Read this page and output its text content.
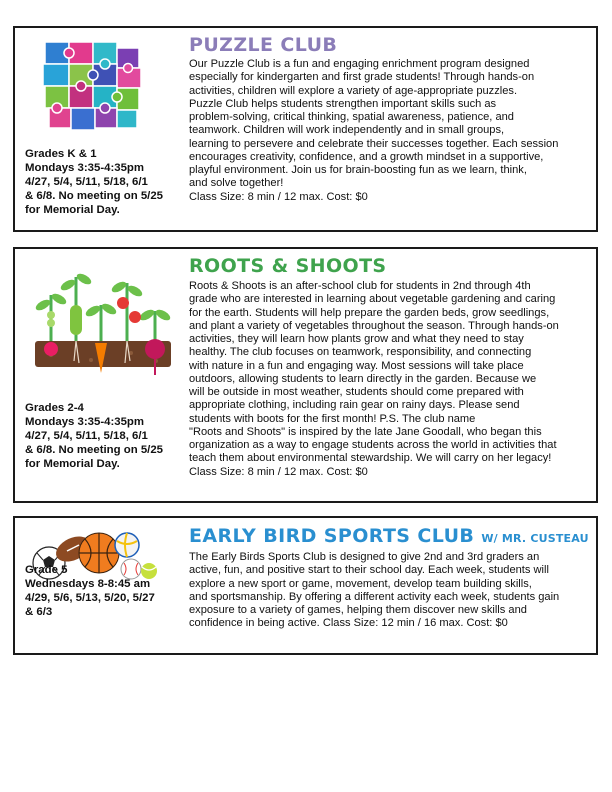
PUZZLE CLUB
Grades K & 1
Mondays 3:35-4:35pm
4/27, 5/4, 5/11, 5/18, 6/1
& 6/8. No meeting on 5/25
for Memorial Day.

Our Puzzle Club is a fun and engaging enrichment program designed

especially for kindergarten and first grade students! Through hands-on

activities, children will explore a variety of age-appropriate puzzles.

Puzzle Club helps students strengthen important skills such as

problem-solving, critical thinking, spatial awareness, patience, and

teamwork. Children will work independently and in small groups,

learning to persevere and celebrate their successes together. Each session

encourages creativity, confidence, and a growth mindset in a supportive,

playful environment. Join us for brain-boosting fun as we learn, think,

and solve together!

Class Size: 8 min / 12 max. Cost: $0

ROOTS & SHOOTS
Grades 2-4
Mondays 3:35-4:35pm
4/27, 5/4, 5/11, 5/18, 6/1
& 6/8. No meeting on 5/25
for Memorial Day.

Roots & Shoots is an after-school club for students in 2nd through 4th

grade who are interested in learning about vegetable gardening and caring

for the earth. Students will help prepare the garden beds, grow seedlings,

and plant a variety of vegetables throughout the season. Through hands-on

activities, they will learn how plants grow and what they need to stay

healthy. The club focuses on teamwork, responsibility, and connecting

with nature in a fun and engaging way. Most sessions will take place

outdoors, allowing students to learn directly in the garden. Because we

will be outside in most weather, students should come prepared with

appropriate clothing, including rain gear on rainy days. Please send

students with boots for the first month! P.S. The club name

"Roots and Shoots" is inspired by the late Jane Goodall, who began this

organization as a way to engage students across the world in activities that

teach them about environmental stewardship. We will carry on her legacy!

Class Size: 8 min / 12 max. Cost: $0

EARLY BIRD SPORTS CLUB W/ MR. CUSTEAU
Grade 5
Wednesdays 8-8:45 am
4/29, 5/6, 5/13, 5/20, 5/27
& 6/3

The Early Birds Sports Club is designed to give 2nd and 3rd graders an

active, fun, and positive start to their school day. Each week, students will

explore a new sport or game, movement, develop team building skills,

and sportsmanship. By offering a different activity each week, students gain

exposure to a variety of games, helping them discover new skills and

confidence in being active. Class Size: 12 min / 16 max. Cost: $0
